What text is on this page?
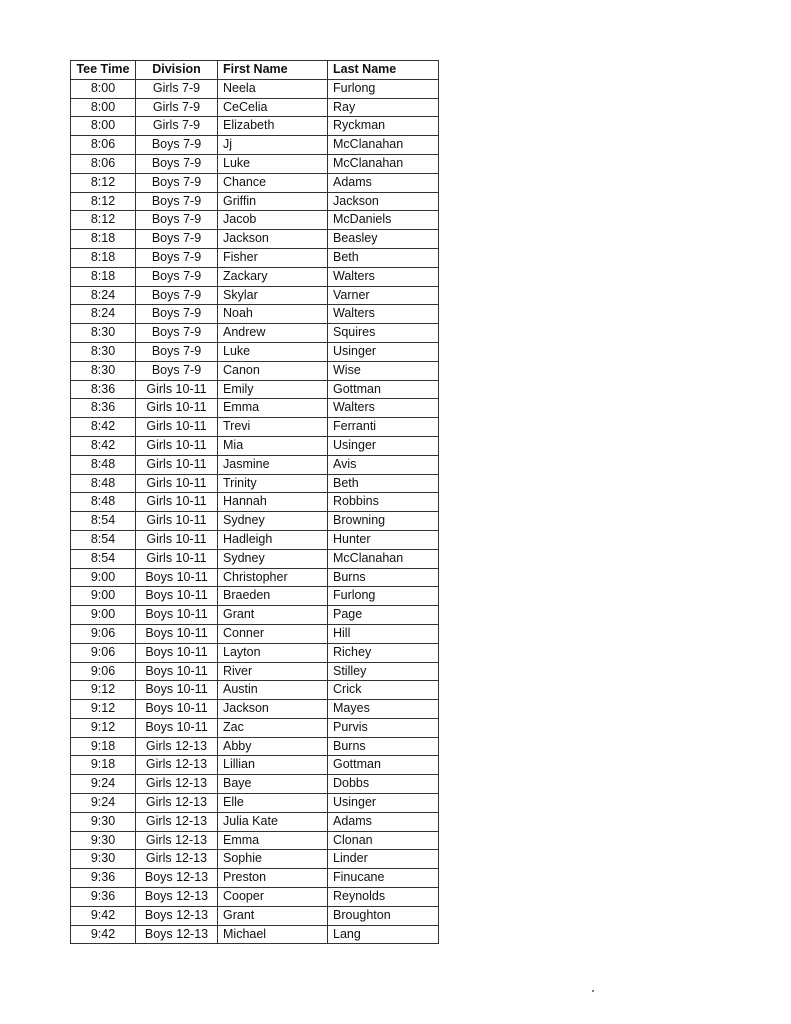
Tee Time	Division	First Name	Last Name
8:00	Girls 7-9	Neela	Furlong
8:00	Girls 7-9	CeCelia	Ray
8:00	Girls 7-9	Elizabeth	Ryckman
8:06	Boys 7-9	Jj	McClanahan
8:06	Boys 7-9	Luke	McClanahan
8:12	Boys 7-9	Chance	Adams
8:12	Boys 7-9	Griffin	Jackson
8:12	Boys 7-9	Jacob	McDaniels
8:18	Boys 7-9	Jackson	Beasley
8:18	Boys 7-9	Fisher	Beth
8:18	Boys 7-9	Zackary	Walters
8:24	Boys 7-9	Skylar	Varner
8:24	Boys 7-9	Noah	Walters
8:30	Boys 7-9	Andrew	Squires
8:30	Boys 7-9	Luke	Usinger
8:30	Boys 7-9	Canon	Wise
8:36	Girls 10-11	Emily	Gottman
8:36	Girls 10-11	Emma	Walters
8:42	Girls 10-11	Trevi	Ferranti
8:42	Girls 10-11	Mia	Usinger
8:48	Girls 10-11	Jasmine	Avis
8:48	Girls 10-11	Trinity	Beth
8:48	Girls 10-11	Hannah	Robbins
8:54	Girls 10-11	Sydney	Browning
8:54	Girls 10-11	Hadleigh	Hunter
8:54	Girls 10-11	Sydney	McClanahan
9:00	Boys 10-11	Christopher	Burns
9:00	Boys 10-11	Braeden	Furlong
9:00	Boys 10-11	Grant	Page
9:06	Boys 10-11	Conner	Hill
9:06	Boys 10-11	Layton	Richey
9:06	Boys 10-11	River	Stilley
9:12	Boys 10-11	Austin	Crick
9:12	Boys 10-11	Jackson	Mayes
9:12	Boys 10-11	Zac	Purvis
9:18	Girls 12-13	Abby	Burns
9:18	Girls 12-13	Lillian	Gottman
9:24	Girls 12-13	Baye	Dobbs
9:24	Girls 12-13	Elle	Usinger
9:30	Girls 12-13	Julia Kate	Adams
9:30	Girls 12-13	Emma	Clonan
9:30	Girls 12-13	Sophie	Linder
9:36	Boys 12-13	Preston	Finucane
9:36	Boys 12-13	Cooper	Reynolds
9:42	Boys 12-13	Grant	Broughton
9:42	Boys 12-13	Michael	Lang
